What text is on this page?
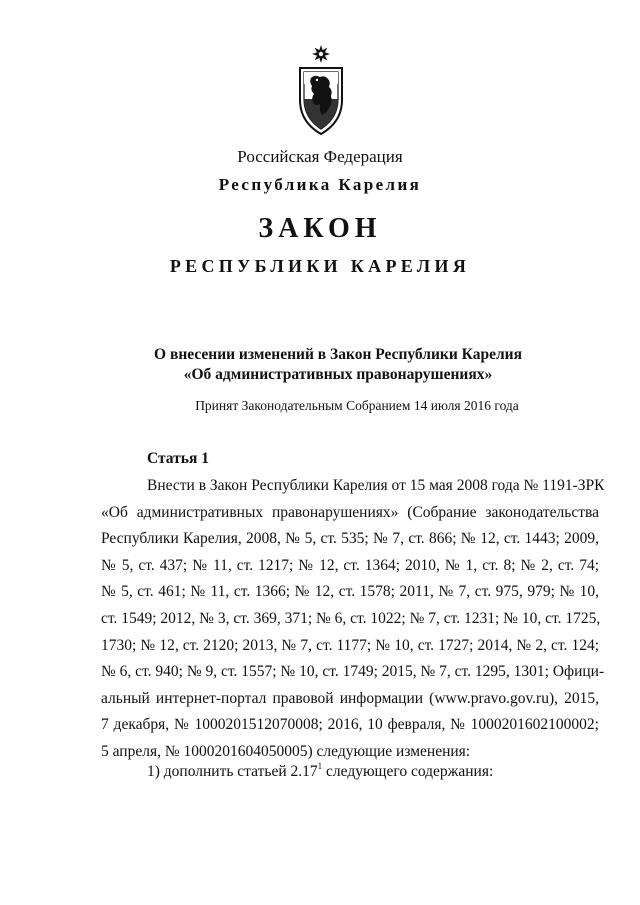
Российская Федерация
Республика Карелия
ЗАКОН
РЕСПУБЛИКИ КАРЕЛИЯ
О внесении изменений в Закон Республики Карелия
«Об административных правонарушениях»
Принят Законодательным Собранием 14 июля 2016 года
Статья 1
Внести в Закон Республики Карелия от 15 мая 2008 года № 1191-ЗРК
«Об административных правонарушениях» (Собрание законодательства
Республики Карелия, 2008, № 5, ст. 535; № 7, ст. 866; № 12, ст. 1443; 2009,
№ 5, ст. 437; № 11, ст. 1217; № 12, ст. 1364; 2010, № 1, ст. 8; № 2, ст. 74;
№ 5, ст. 461; № 11, ст. 1366; № 12, ст. 1578; 2011, № 7, ст. 975, 979; № 10,
ст. 1549; 2012, № 3, ст. 369, 371; № 6, ст. 1022; № 7, ст. 1231; № 10, ст. 1725,
1730; № 12, ст. 2120; 2013, № 7, ст. 1177; № 10, ст. 1727; 2014, № 2, ст. 124;
№ 6, ст. 940; № 9, ст. 1557; № 10, ст. 1749; 2015, № 7, ст. 1295, 1301; Офици-
альный интернет-портал правовой информации (www.pravo.gov.ru), 2015,
7 декабря, № 1000201512070008; 2016, 10 февраля, № 1000201602100002;
5 апреля, № 1000201604050005) следующие изменения:
1) дополнить статьей 2.17$^1$ следующего содержания:
